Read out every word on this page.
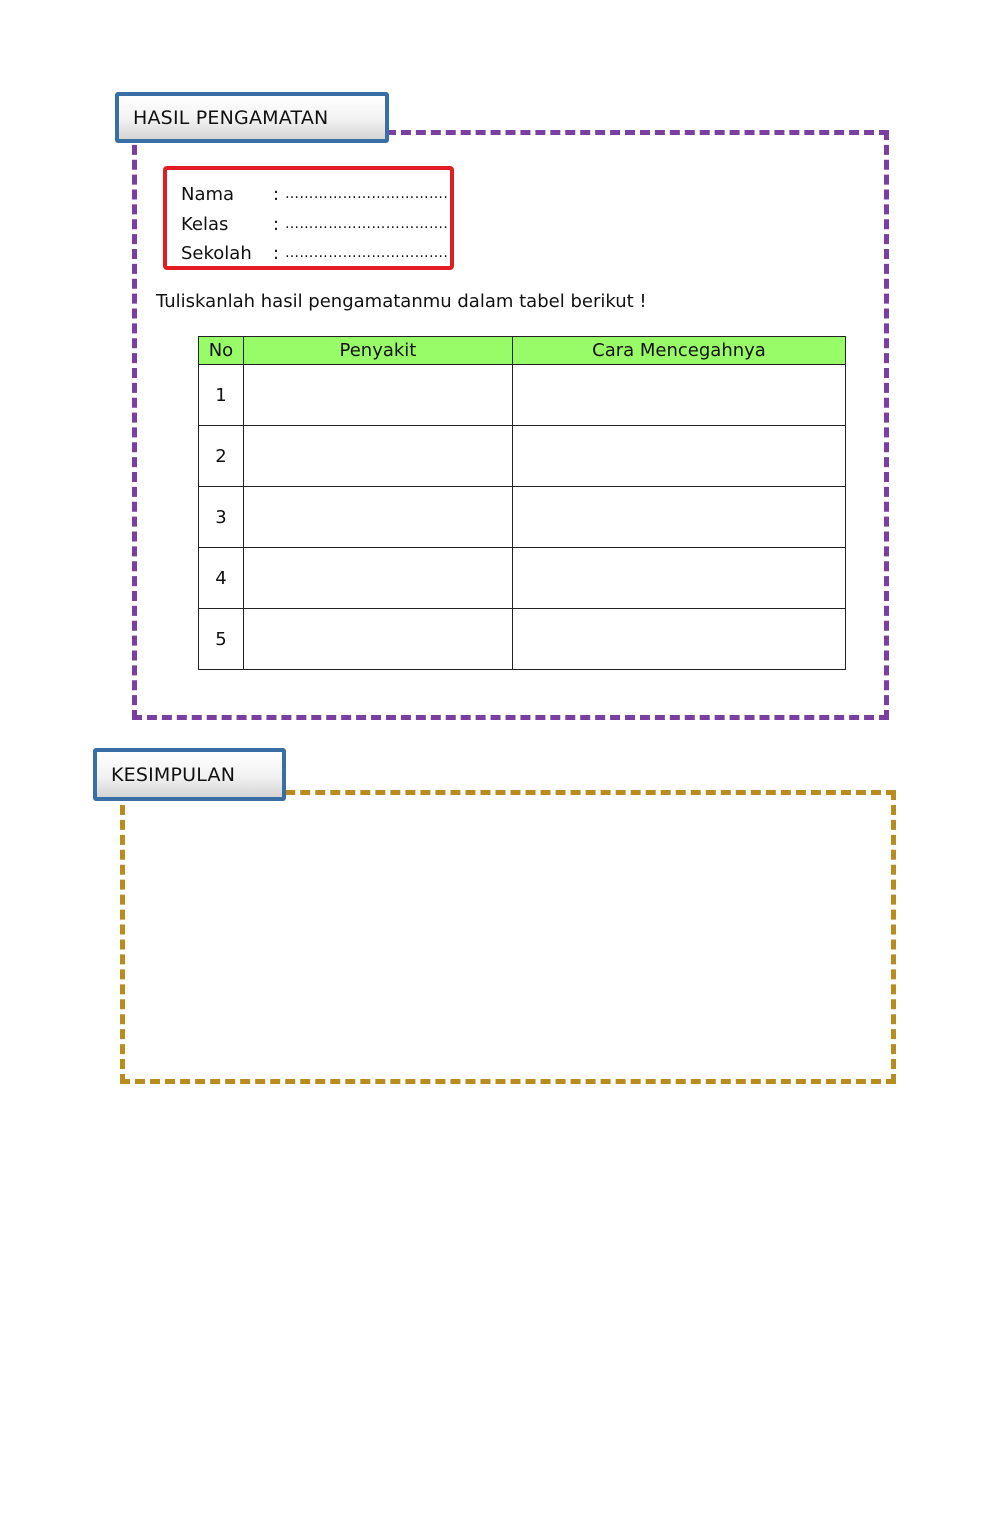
HASIL PENGAMATAN
Nama	: …………………………….
Kelas	: …………………………….
Sekolah	: …………………………….
Tuliskanlah hasil pengamatanmu dalam tabel berikut !
No	Penyakit	Cara Mencegahnya
1		
2		
3		
4		
5		
KESIMPULAN
